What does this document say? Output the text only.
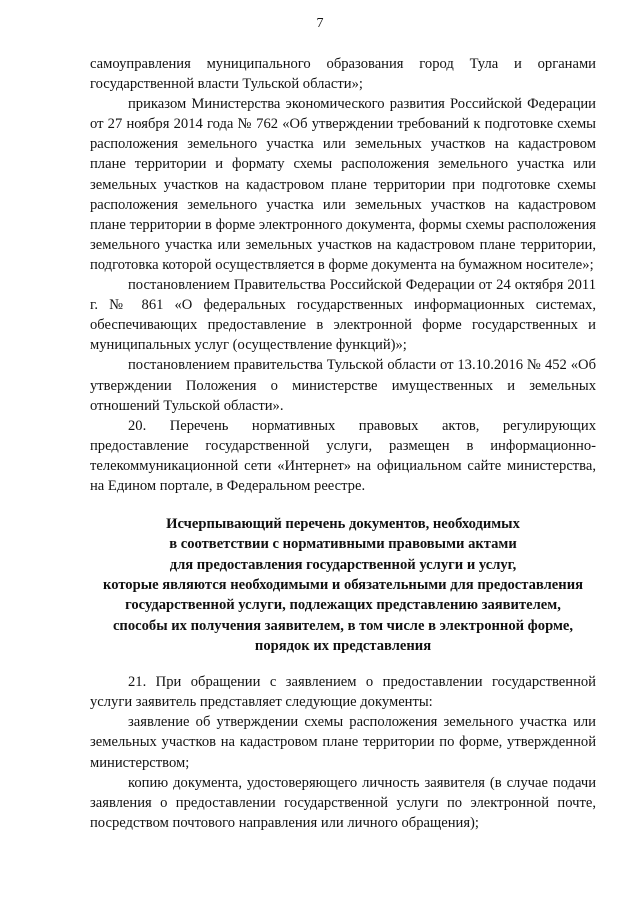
7

самоуправления муниципального образования город Тула и органами государственной власти Тульской области»;

приказом Министерства экономического развития Российской Федерации от 27 ноября 2014 года № 762 «Об утверждении требований к подготовке схемы расположения земельного участка или земельных участков на кадастровом плане территории и формату схемы расположения земельного участка или земельных участков на кадастровом плане территории при подготовке схемы расположения земельного участка или земельных участков на кадастровом плане территории в форме электронного документа, формы схемы расположения земельного участка или земельных участков на кадастровом плане территории, подготовка которой осуществляется в форме документа на бумажном носителе»;

постановлением Правительства Российской Федерации от 24 октября 2011 г. № 861 «О федеральных государственных информационных системах, обеспечивающих предоставление в электронной форме государственных и муниципальных услуг (осуществление функций)»;

постановлением правительства Тульской области от 13.10.2016 № 452 «Об утверждении Положения о министерстве имущественных и земельных отношений Тульской области».

20. Перечень нормативных правовых актов, регулирующих предоставление государственной услуги, размещен в информационно-телекоммуникационной сети «Интернет» на официальном сайте министерства, на Едином портале, в Федеральном реестре.

Исчерпывающий перечень документов, необходимых
в соответствии с нормативными правовыми актами
для предоставления государственной услуги и услуг,
которые являются необходимыми и обязательными для предоставления
государственной услуги, подлежащих представлению заявителем,
способы их получения заявителем, в том числе в электронной форме,
порядок их представления

21. При обращении с заявлением о предоставлении государственной услуги заявитель представляет следующие документы:

заявление об утверждении схемы расположения земельного участка или земельных участков на кадастровом плане территории по форме, утвержденной министерством;

копию документа, удостоверяющего личность заявителя (в случае подачи заявления о предоставлении государственной услуги по электронной почте, посредством почтового направления или личного обращения);
